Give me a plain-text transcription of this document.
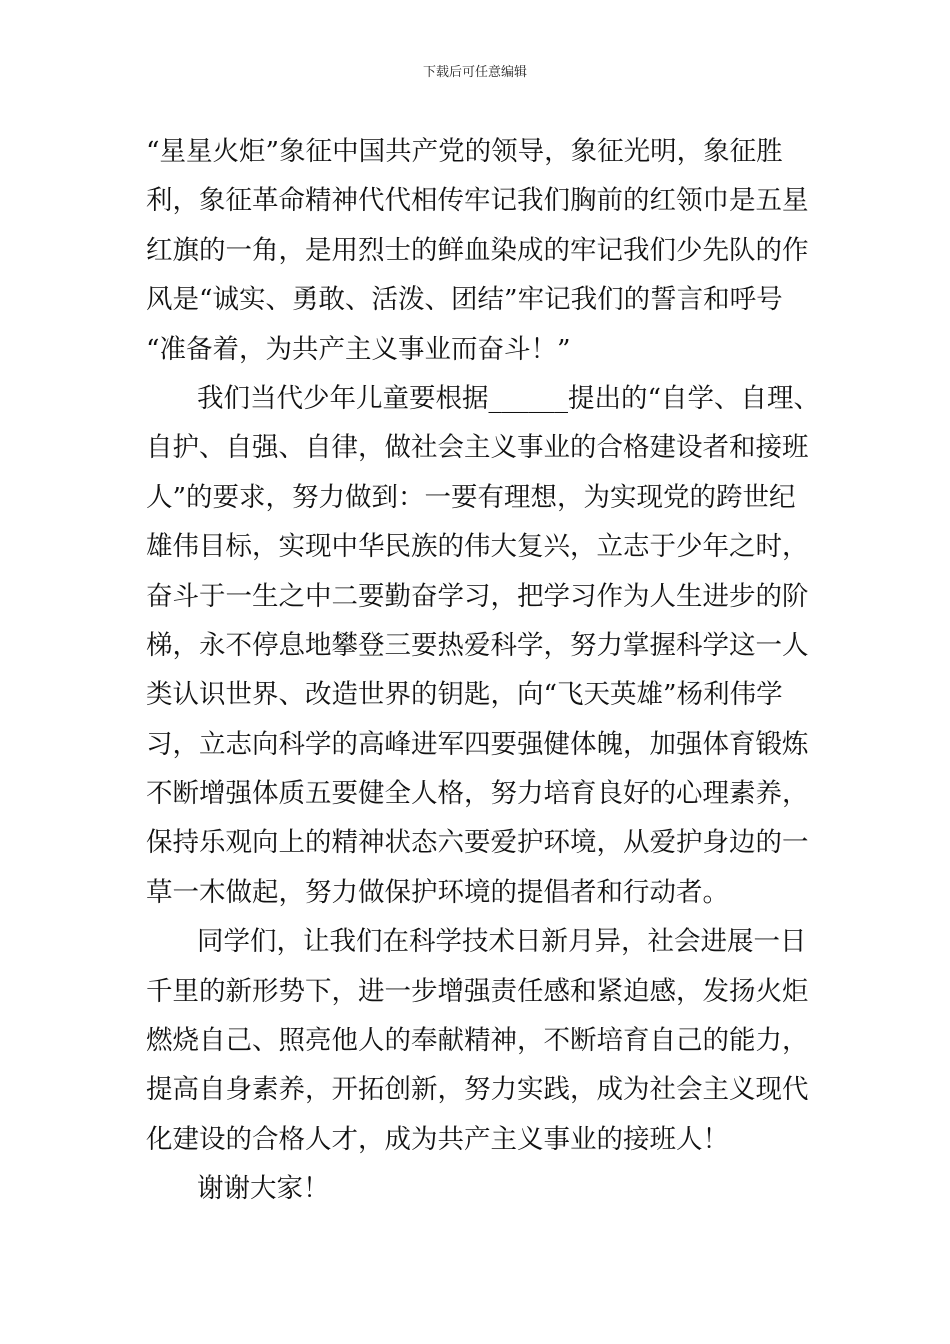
下载后可任意编辑
“星星火炬”象征中国共产党的领导，象征光明，象征胜
利，象征革命精神代代相传牢记我们胸前的红领巾是五星
红旗的一角，是用烈士的鲜血染成的牢记我们少先队的作
风是“诚实、勇敢、活泼、团结”牢记我们的誓言和呼号
“准备着，为共产主义事业而奋斗！”
我们当代少年儿童要根据______提出的“自学、自理、
自护、自强、自律，做社会主义事业的合格建设者和接班
人”的要求，努力做到：一要有理想，为实现党的跨世纪
雄伟目标，实现中华民族的伟大复兴，立志于少年之时，
奋斗于一生之中二要勤奋学习，把学习作为人生进步的阶
梯，永不停息地攀登三要热爱科学，努力掌握科学这一人
类认识世界、改造世界的钥匙，向“飞天英雄”杨利伟学
习，立志向科学的高峰进军四要强健体魄，加强体育锻炼
不断增强体质五要健全人格，努力培育良好的心理素养，
保持乐观向上的精神状态六要爱护环境，从爱护身边的一
草一木做起，努力做保护环境的提倡者和行动者。
同学们，让我们在科学技术日新月异，社会进展一日
千里的新形势下，进一步增强责任感和紧迫感，发扬火炬
燃烧自己、照亮他人的奉献精神，不断培育自己的能力，
提高自身素养，开拓创新，努力实践，成为社会主义现代
化建设的合格人才，成为共产主义事业的接班人！
谢谢大家！
